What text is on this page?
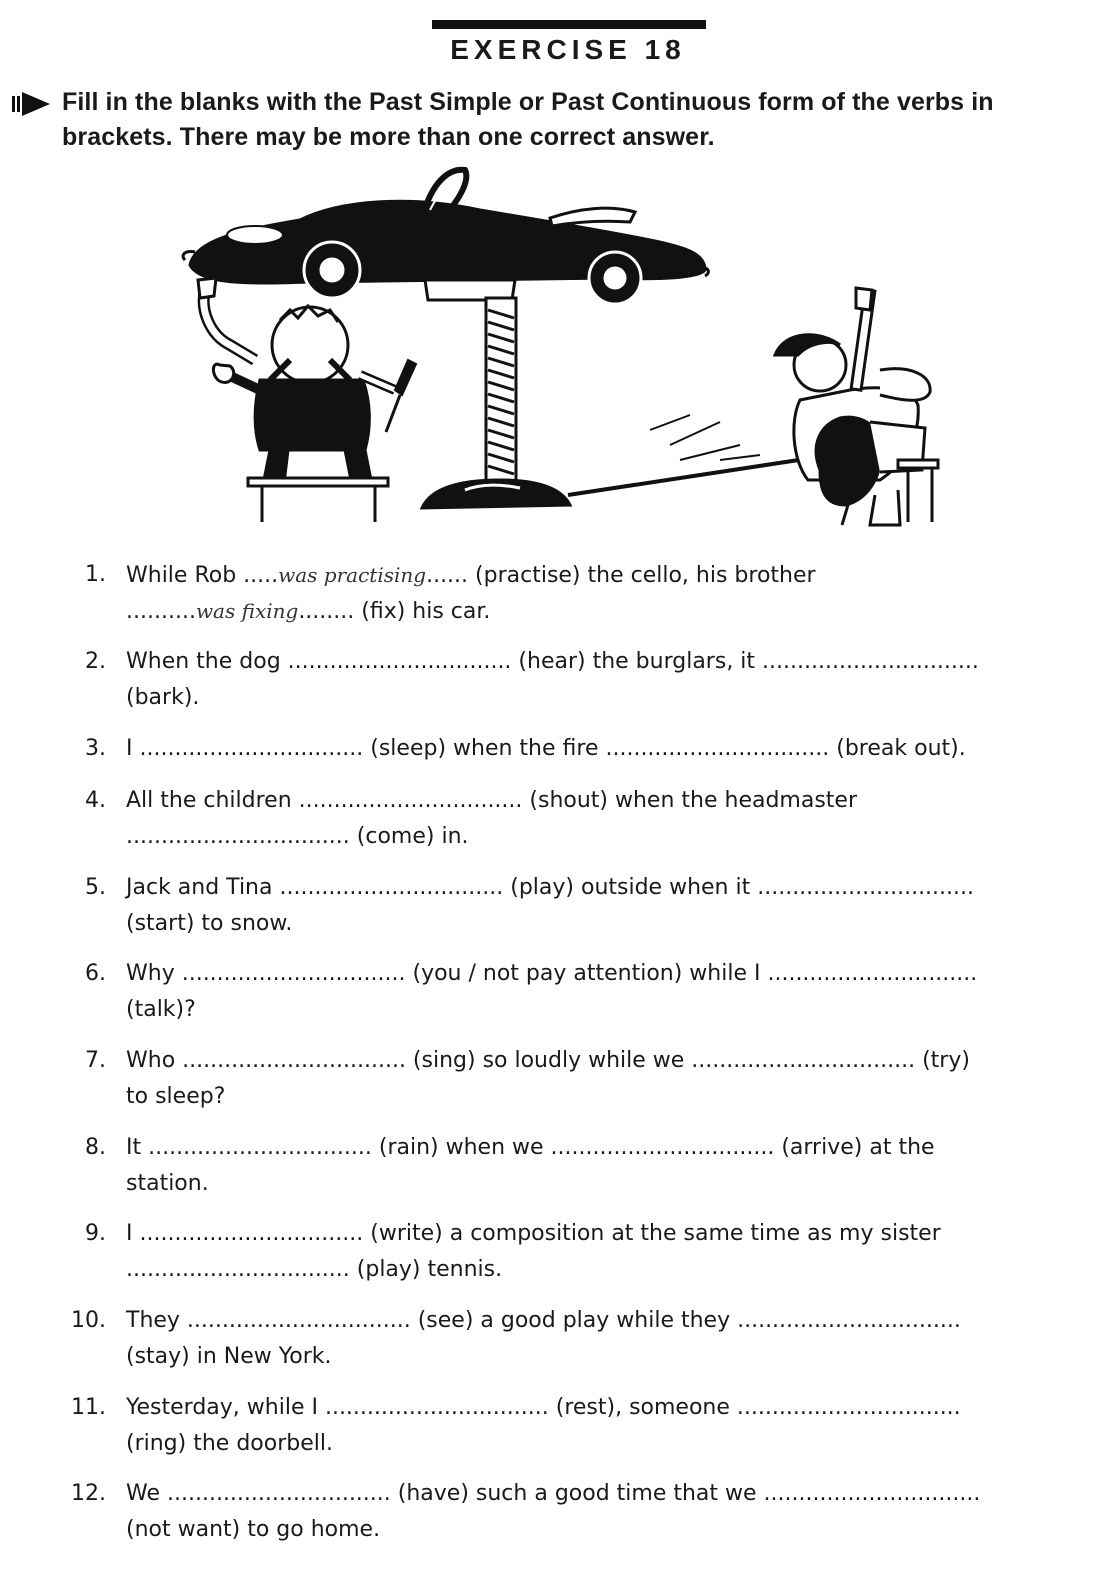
EXERCISE 18
Fill in the blanks with the Past Simple or Past Continuous form of the verbs in
brackets. There may be more than one correct answer.
1. While Rob .....was practising...... (practise) the cello, his brother
..........was fixing........ (fix) his car.
2. When the dog ................................ (hear) the burglars, it ...............................
(bark).
3. I ................................ (sleep) when the fire ................................ (break out).
4. All the children ................................ (shout) when the headmaster
................................ (come) in.
5. Jack and Tina ................................ (play) outside when it ...............................
(start) to snow.
6. Why ................................ (you / not pay attention) while I ..............................
(talk)?
7. Who ................................ (sing) so loudly while we ................................ (try)
to sleep?
8. It ................................ (rain) when we ................................ (arrive) at the
station.
9. I ................................ (write) a composition at the same time as my sister
................................ (play) tennis.
10. They ................................ (see) a good play while they ................................
(stay) in New York.
11. Yesterday, while I ................................ (rest), someone ................................
(ring) the doorbell.
12. We ................................ (have) such a good time that we ...............................
(not want) to go home.
